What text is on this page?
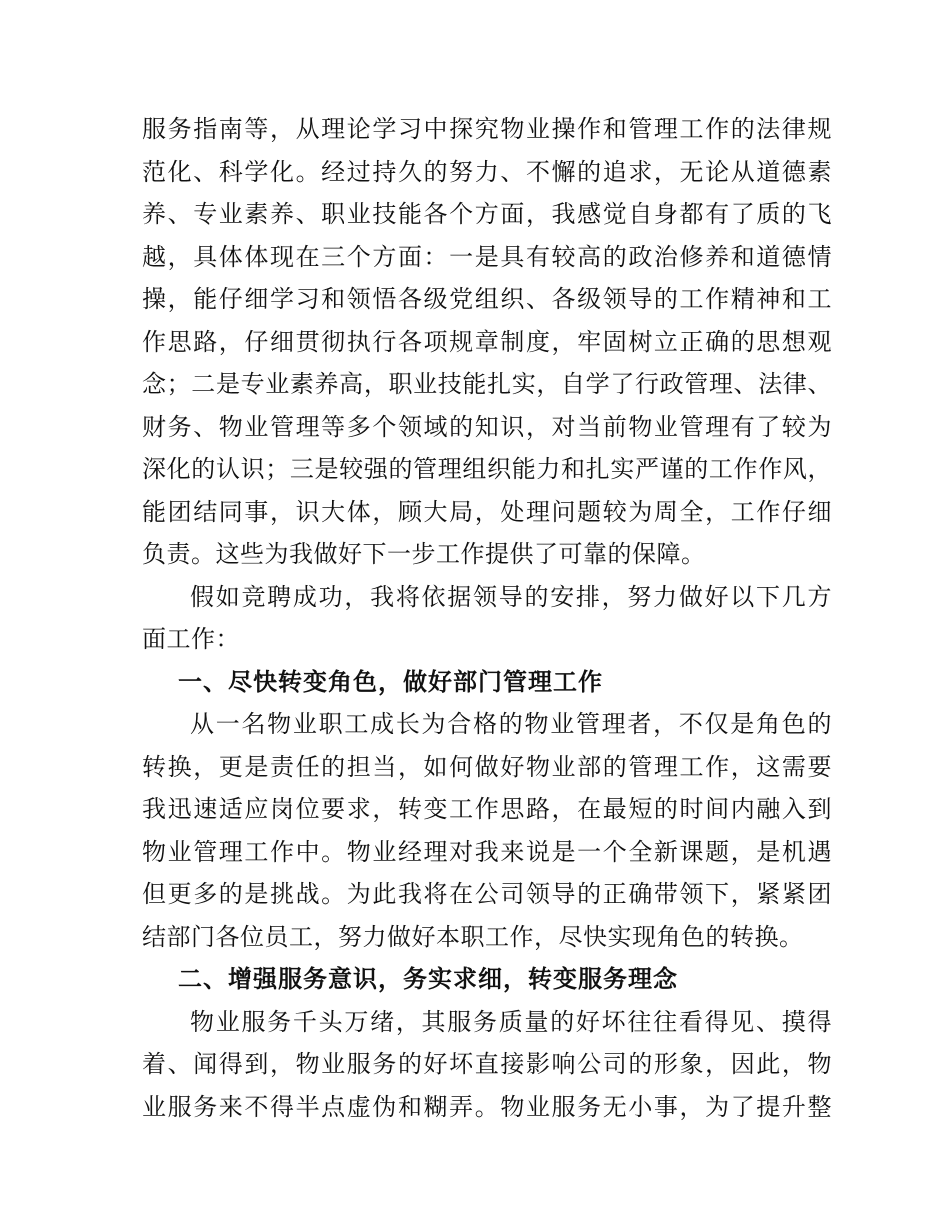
服务指南等，从理论学习中探究物业操作和管理工作的法律规
范化、科学化。经过持久的努力、不懈的追求，无论从道德素
养、专业素养、职业技能各个方面，我感觉自身都有了质的飞
越，具体体现在三个方面：一是具有较高的政治修养和道德情
操，能仔细学习和领悟各级党组织、各级领导的工作精神和工
作思路，仔细贯彻执行各项规章制度，牢固树立正确的思想观
念；二是专业素养高，职业技能扎实，自学了行政管理、法律、
财务、物业管理等多个领域的知识，对当前物业管理有了较为
深化的认识；三是较强的管理组织能力和扎实严谨的工作作风，
能团结同事，识大体，顾大局，处理问题较为周全，工作仔细
负责。这些为我做好下一步工作提供了可靠的保障。
假如竞聘成功，我将依据领导的安排，努力做好以下几方
面工作：
一、尽快转变角色，做好部门管理工作
从一名物业职工成长为合格的物业管理者，不仅是角色的
转换，更是责任的担当，如何做好物业部的管理工作，这需要
我迅速适应岗位要求，转变工作思路，在最短的时间内融入到
物业管理工作中。物业经理对我来说是一个全新课题，是机遇
但更多的是挑战。为此我将在公司领导的正确带领下，紧紧团
结部门各位员工，努力做好本职工作，尽快实现角色的转换。
二、增强服务意识，务实求细，转变服务理念
物业服务千头万绪，其服务质量的好坏往往看得见、摸得
着、闻得到，物业服务的好坏直接影响公司的形象，因此，物
业服务来不得半点虚伪和糊弄。物业服务无小事，为了提升整
